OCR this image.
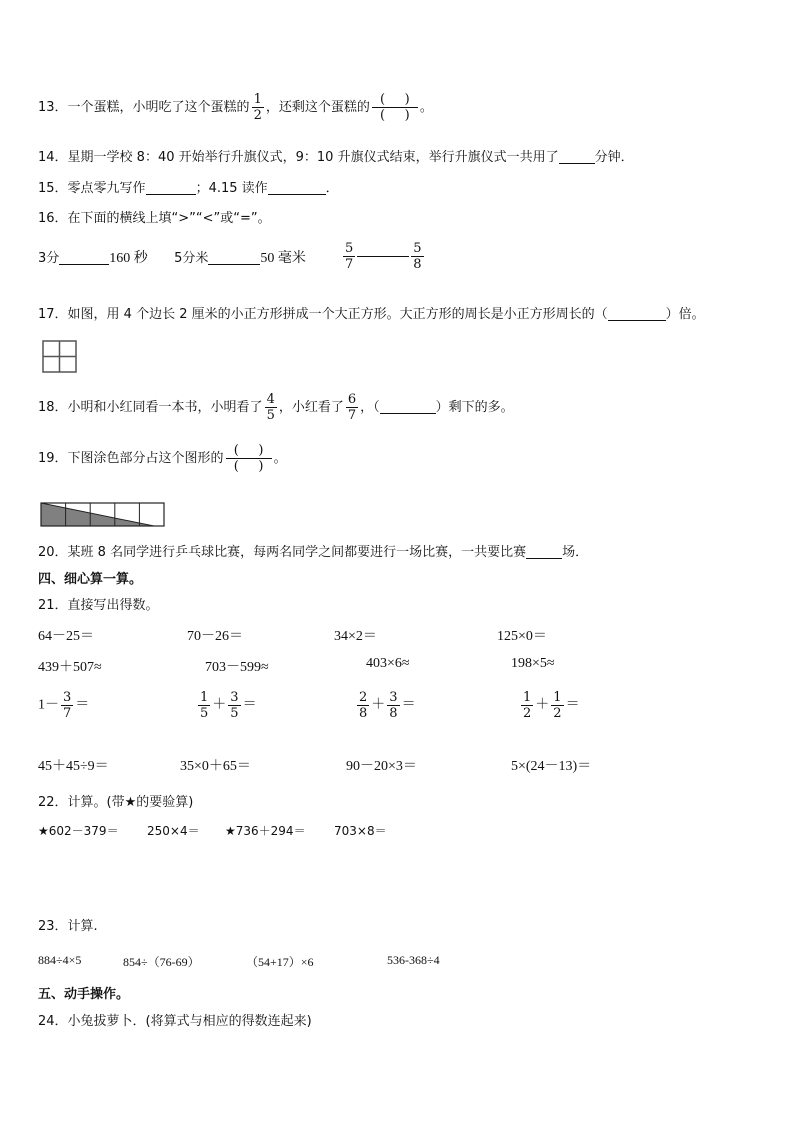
13．一个蛋糕，小明吃了这个蛋糕的 $\frac{1}{2}$ ，还剩这个蛋糕的 $\frac{( )}{( )}$ 。
14．星期一学校 8：40 开始举行升旗仪式，9：10 升旗仪式结束，举行升旗仪式一共用了	分钟．
15．零点零九写作	；4.15 读作	．
16．在下面的横线上填“>”“<”或“=”。
3分	160 秒 5分米	50 毫米	$\frac{5}{7}$	$\frac{5}{8}$
17．如图，用 4 个边长 2 厘米的小正方形拼成一个大正方形。大正方形的周长是小正方形周长的（	）倍。
18．小明和小红同看一本书，小明看了 $\frac{4}{5}$ ，小红看了 $\frac{6}{7}$ ，（	）剩下的多。
19．下图涂色部分占这个图形的 $\frac{( )}{( )}$ 。
20．某班 8 名同学进行乒乓球比赛，每两名同学之间都要进行一场比赛，一共要比赛	场．
四、细心算一算。
21．直接写出得数。
64－25＝	70－26＝	34×2＝	125×0＝
439＋507≈	703－599≈	403×6≈	198×5≈
$1- \frac{3}{7}$ ＝	$\frac{1}{5} + \frac{3}{5}$ ＝	$\frac{2}{8} + \frac{3}{8}$ ＝	$\frac{1}{2} + \frac{1}{2}$ ＝
45＋45÷9＝	35×0＋65＝	90－20×3＝	5×(24－13)＝
22．计算。(带★的要验算)
★602－379＝ 250×4＝ ★736＋294＝ 703×8＝
23．计算.
884÷4×5	854÷（76-69）	（54+17）×6	536-368÷4
五、动手操作。
24．小兔拔萝卜．(将算式与相应的得数连起来)
